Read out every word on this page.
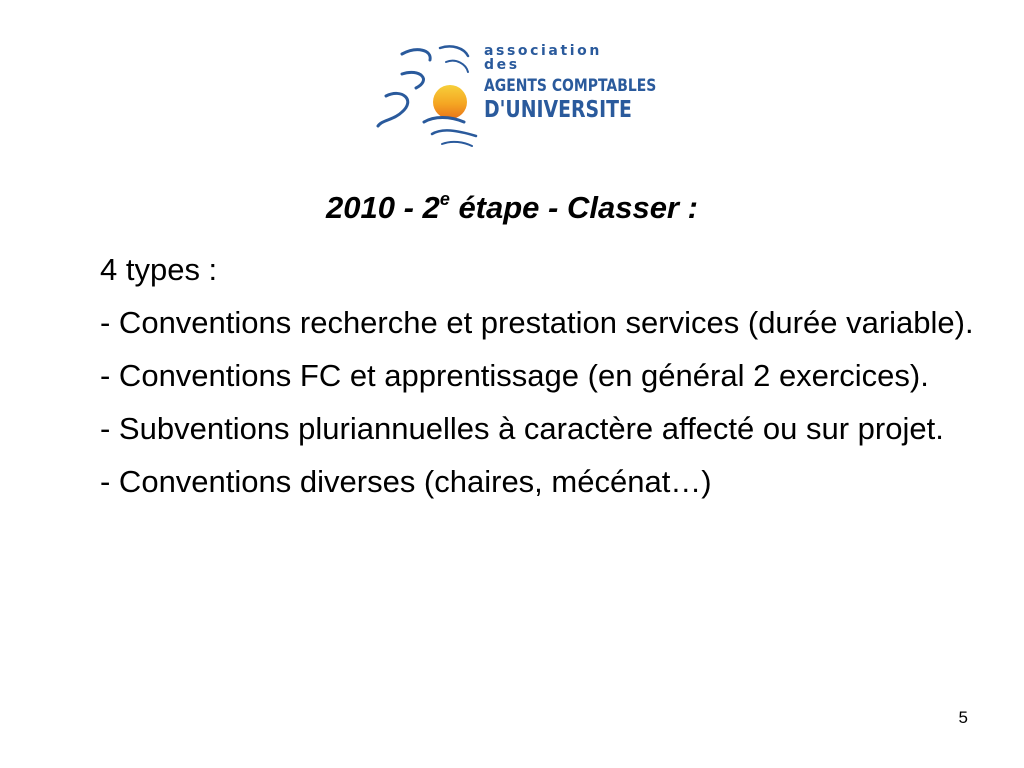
association des
AGENTS COMPTABLES
D'UNIVERSITE
2010 - 2e étape - Classer :

4 types :

- Conventions recherche et prestation services (durée variable).

- Conventions FC et apprentissage (en général 2 exercices).

- Subventions pluriannuelles à caractère affecté ou sur projet.

- Conventions diverses (chaires, mécénat…)

5
